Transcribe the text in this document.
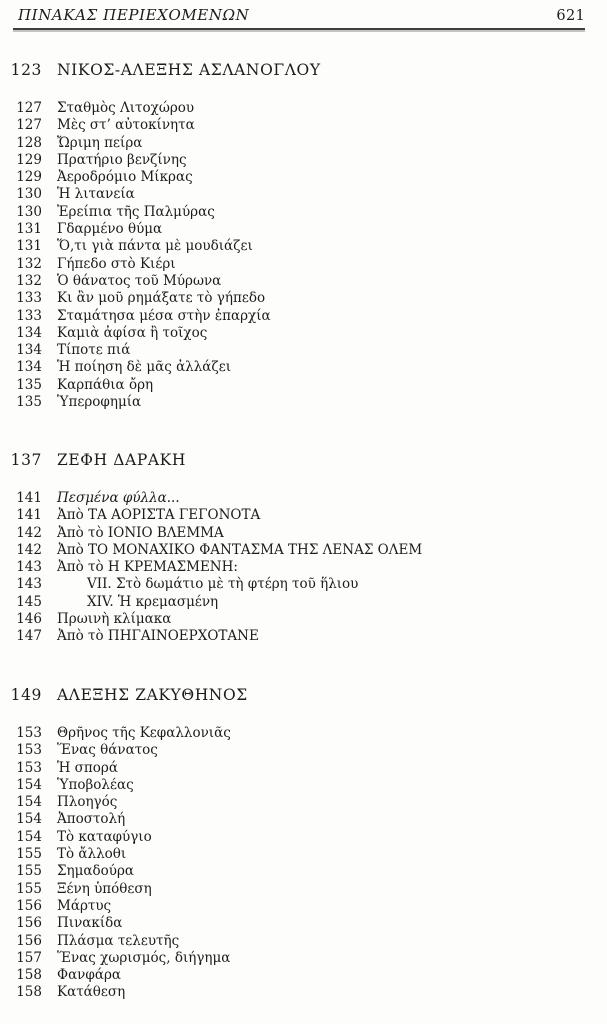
ΠΙΝΑΚΑΣ ΠΕΡΙΕΧΟΜΕΝΩΝ	621
123 ΝΙΚΟΣ-ΑΛΕΞΗΣ ΑΣΛΑΝΟΓΛΟΥ
127 Σταθμὸς Λιτοχώρου
127 Μὲς στ’ αὐτοκίνητα
128 Ὤριμη πείρα
129 Πρατήριο βενζίνης
129 Ἀεροδρόμιο Μίκρας
130 Ἡ λιτανεία
130 Ἐρείπια τῆς Παλμύρας
131 Γδαρμένο θύμα
131 Ὅ,τι γιὰ πάντα μὲ μουδιάζει
132 Γήπεδο στὸ Κιέρι
132 Ὁ θάνατος τοῦ Μύρωνα
133 Κι ἂν μοῦ ρημάξατε τὸ γήπεδο
133 Σταμάτησα μέσα στὴν ἐπαρχία
134 Καμιὰ ἀφίσα ἢ τοῖχος
134 Τίποτε πιά
134 Ἡ ποίηση δὲ μᾶς ἀλλάζει
135 Καρπάθια ὄρη
135 Ὑπεροφημία
137 ΖΕΦΗ ΔΑΡΑΚΗ
141 Πεσμένα φύλλα...
141 Ἀπὸ ΤΑ ΑΟΡΙΣΤΑ ΓΕΓΟΝΟΤΑ
142 Ἀπὸ τὸ ΙΟΝΙΟ ΒΛΕΜΜΑ
142 Ἀπὸ ΤΟ ΜΟΝΑΧΙΚΟ ΦΑΝΤΑΣΜΑ ΤΗΣ ΛΕΝΑΣ ΟΛΕΜ
143 Ἀπὸ τὸ Η ΚΡΕΜΑΣΜΕΝΗ:
143	VII. Στὸ δωμάτιο μὲ τὴ φτέρη τοῦ ἥλιου
145	XIV. Ἡ κρεμασμένη
146 Πρωινὴ κλίμακα
147 Ἀπὸ τὸ ΠΗΓΑΙΝΟΕΡΧΟΤΑΝΕ
149 ΑΛΕΞΗΣ ΖΑΚΥΘΗΝΟΣ
153 Θρῆνος τῆς Κεφαλλονιᾶς
153 Ἕνας θάνατος
153 Ἡ σπορά
154 Ὑποβολέας
154 Πλοηγός
154 Ἀποστολή
154 Τὸ καταφύγιο
155 Τὸ ἄλλοθι
155 Σημαδούρα
155 Ξένη ὑπόθεση
156 Μάρτυς
156 Πινακίδα
156 Πλάσμα τελευτῆς
157 Ἕνας χωρισμός, διήγημα
158 Φανφάρα
158 Κατάθεση
